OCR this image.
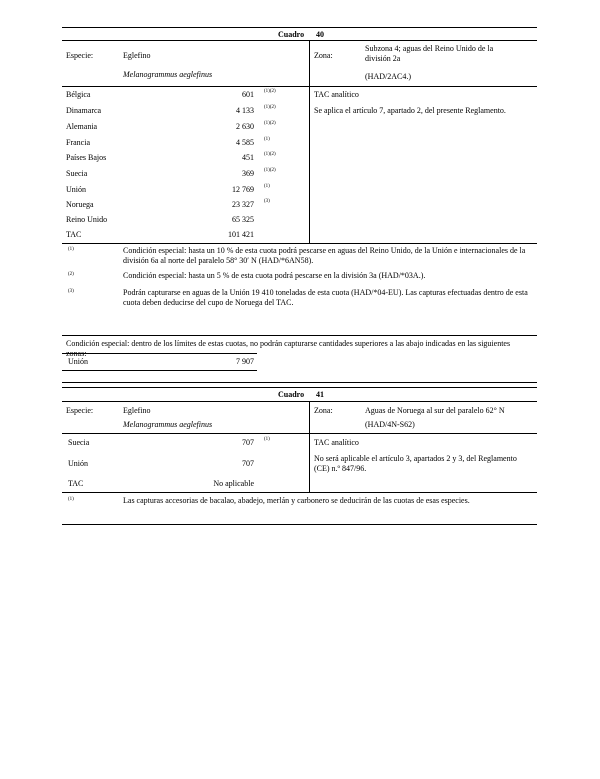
Cuadro 40
Especie:	Eglefino
Melanogrammus aeglefinus
Zona:
Subzona 4; aguas del Reino Unido de la división 2a
(HAD/2AC4.)
Bélgica	601 (1)(2)
Dinamarca	4 133 (1)(2)
Alemania	2 630 (1)(2)
Francia	4 585 (1)
Países Bajos	451 (1)(2)
Suecia	369 (1)(2)
Unión	12 769 (1)
Noruega	23 327 (3)
Reino Unido	65 325
TAC	101 421
TAC analítico
Se aplica el artículo 7, apartado 2, del presente Reglamento.
(1)	Condición especial: hasta un 10 % de esta cuota podrá pescarse en aguas del Reino Unido, de la Unión e internacionales de la división 6a al norte del paralelo 58° 30′ N (HAD/*6AN58).
(2)	Condición especial: hasta un 5 % de esta cuota podrá pescarse en la división 3a (HAD/*03A.).
(3)	Podrán capturarse en aguas de la Unión 19 410 toneladas de esta cuota (HAD/*04-EU). Las capturas efectuadas dentro de esta cuota deben deducirse del cupo de Noruega del TAC.
Condición especial: dentro de los límites de estas cuotas, no podrán capturarse cantidades superiores a las abajo indicadas en las siguientes zonas:
Unión	7 907
Cuadro 41
Especie:	Eglefino
Melanogrammus aeglefinus
Zona:	Aguas de Noruega al sur del paralelo 62° N
(HAD/4N-S62)
Suecia	707 (1)
Unión	707
TAC	No aplicable
TAC analítico
No será aplicable el artículo 3, apartados 2 y 3, del Reglamento (CE) n.º 847/96.
(1)	Las capturas accesorias de bacalao, abadejo, merlán y carbonero se deducirán de las cuotas de esas especies.
